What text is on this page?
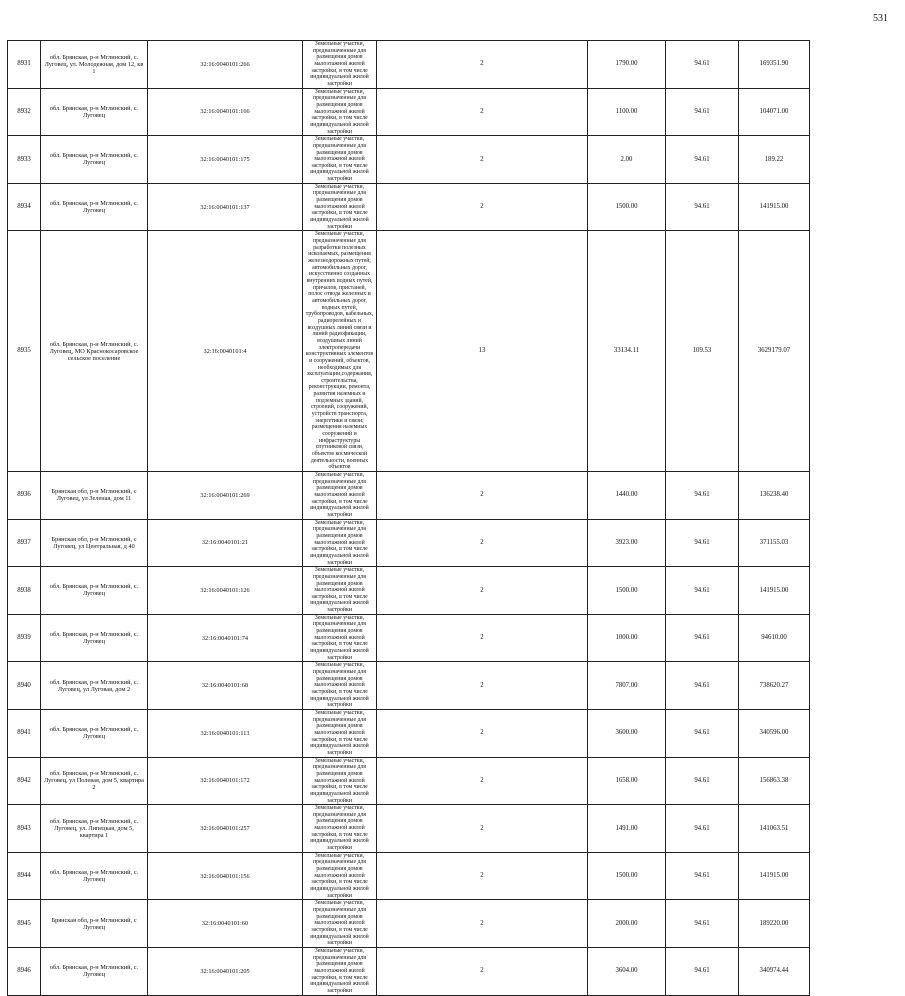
531
8931	обл. Брянская, р-н Мглинский, с. Луговец, ул. Молодежная, дом 12, кв 1	32:16:0040101:266	Земельные участки, предназначенные для размещения домов малоэтажной жилой застройки, в том числе индивидуальной жилой застройки	2	1790.00	94.61	169351.90
8932	обл. Брянская, р-н Мглинский, с. Луговец	32:16:0040101:166	Земельные участки, предназначенные для размещения домов малоэтажной жилой застройки, в том числе индивидуальной жилой застройки	2	1100.00	94.61	104071.00
8933	обл. Брянская, р-н Мглинский, с. Луговец	32:16:0040101:175	Земельные участки, предназначенные для размещения домов малоэтажной жилой застройки, в том числе индивидуальной жилой застройки	2	2.00	94.61	189.22
8934	обл. Брянская, р-н Мглинский, с. Луговец	32:16:0040101:137	Земельные участки, предназначенные для размещения домов малоэтажной жилой застройки, в том числе индивидуальной жилой застройки	2	1500.00	94.61	141915.00
8935	обл. Брянская, р-н Мглинский, с. Луговец, МО Краснокосаровское сельское поселение	32:16:0040101:4	Земельные участки, предназначенные для разработки полезных ископаемых, размещения железнодорожных путей, автомобильных дорог, искусственно созданных внутренних водных путей, причалов, пристаней, полос отвода железных и автомобильных дорог, водных путей, трубопроводов, кабельных, радиорелейных и воздушных линий связи и линий радиофикации, воздушных линий электропередачи конструктивных элементов и сооружений, объектов, необходимых для эксплуатации,содержания, строительства, реконструкции, ремонта, развития наземных и подземных зданий, строений, сооружений, устройств транспорта, энергетики и связи; размещения наземных сооружений и инфраструктуры спутниковой связи, объектов космической деятельности, военных объектов	13	33134.11	109.53	3629179.07
8936	Брянская обл, р-н Мглинский, с Луговец, ул Зеленая, дом 11	32:16:0040101:269	Земельные участки, предназначенные для размещения домов малоэтажной жилой застройки, в том числе индивидуальной жилой застройки	2	1440.00	94.61	136238.40
8937	Брянская обл, р-н Мглинский, с Луговец, ул Центральная, д 40	32:16:0040101:21	Земельные участки, предназначенные для размещения домов малоэтажной жилой застройки, в том числе индивидуальной жилой застройки	2	3923.00	94.61	371155.03
8938	обл. Брянская, р-н Мглинский, с. Луговец	32:16:0040101:126	Земельные участки, предназначенные для размещения домов малоэтажной жилой застройки, в том числе индивидуальной жилой застройки	2	1500.00	94.61	141915.00
8939	обл. Брянская, р-н Мглинский, с. Луговец	32:16:0040101:74	Земельные участки, предназначенные для размещения домов малоэтажной жилой застройки, в том числе индивидуальной жилой застройки	2	1000.00	94.61	94610.00
8940	обл. Брянская, р-н Мглинский, с. Луговец, ул Луговая, дом 2	32:16:0040101:68	Земельные участки, предназначенные для размещения домов малоэтажной жилой застройки, в том числе индивидуальной жилой застройки	2	7807.00	94.61	738620.27
8941	обл. Брянская, р-н Мглинский, с. Луговец	32:16:0040101:113	Земельные участки, предназначенные для размещения домов малоэтажной жилой застройки, в том числе индивидуальной жилой застройки	2	3600.00	94.61	340596.00
8942	обл. Брянская, р-н Мглинский, с. Луговец, ул Полевая, дом 5, квартира 2	32:16:0040101:172	Земельные участки, предназначенные для размещения домов малоэтажной жилой застройки, в том числе индивидуальной жилой застройки	2	1658.00	94.61	156863.38
8943	обл. Брянская, р-н Мглинский, с. Луговец, ул. Липецкая, дом 5, квартира 1	32:16:0040101:257	Земельные участки, предназначенные для размещения домов малоэтажной жилой застройки, в том числе индивидуальной жилой застройки	2	1491.00	94.61	141063.51
8944	обл. Брянская, р-н Мглинский, с. Луговец	32:16:0040101:156	Земельные участки, предназначенные для размещения домов малоэтажной жилой застройки, в том числе индивидуальной жилой застройки	2	1500.00	94.61	141915.00
8945	Брянская обл, р-н Мглинский, с Луговец	32:16:0040101:60	Земельные участки, предназначенные для размещения домов малоэтажной жилой застройки, в том числе индивидуальной жилой застройки	2	2000.00	94.61	189220.00
8946	обл. Брянская, р-н Мглинский, с. Луговец	32:16:0040101:205	Земельные участки, предназначенные для размещения домов малоэтажной жилой застройки, в том числе индивидуальной жилой застройки	2	3604.00	94.61	340974.44
